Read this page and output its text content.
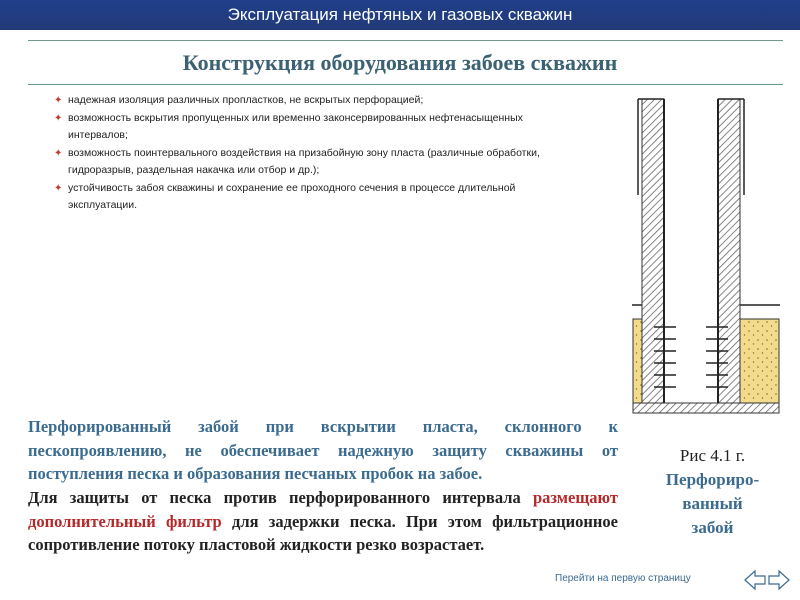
Эксплуатация нефтяных и газовых скважин
Конструкция оборудования забоев скважин
✦ надежная изоляция различных пропластков, не вскрытых перфорацией;
✦ возможность вскрытия пропущенных или временно законсервированных нефтенасыщенных интервалов;
✦ возможность поинтервального воздействия на призабойную зону пласта (различные обработки, гидроразрыв, раздельная накачка или отбор и др.);
✦ устойчивость забоя скважины и сохранение ее проходного сечения в процессе длительной эксплуатации.

Перфорированный забой при вскрытии пласта, склонного к пескопроявлению, не обеспечивает надежную защиту скважины от поступления песка и образования песчаных пробок на забое.

Для защиты от песка против перфорированного интервала размещают дополнительный фильтр для задержки песка. При этом фильтрационное сопротивление потоку пластовой жидкости резко возрастает.

Рис 4.1 г.
Перфориро-
ванный
забой
Перейти на первую страницу
